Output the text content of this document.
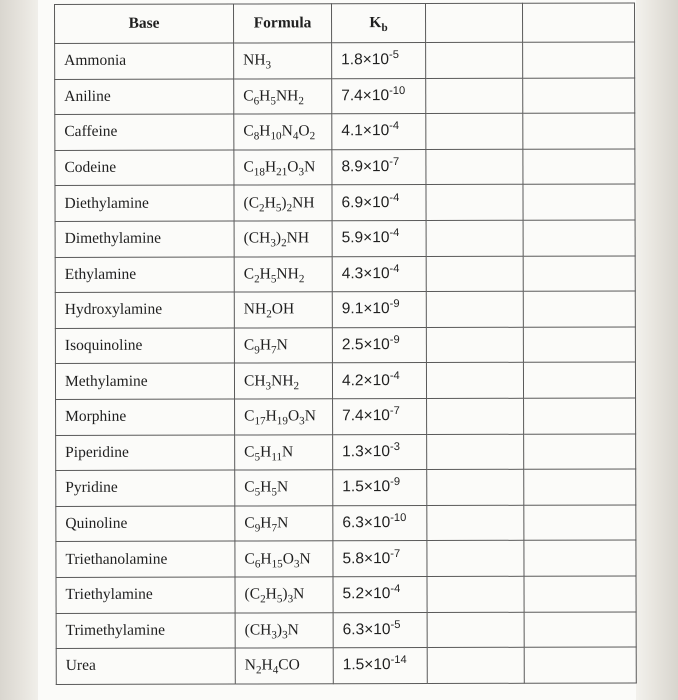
Base	Formula	$K_b$		
Ammonia	$NH_3$	$1.8\times 10^{-5}$		
Aniline	$C_6H_5NH_2$	$7.4\times 10^{-10}$		
Caffeine	$C_8H_{10}N_4O_2$	$4.1\times 10^{-4}$		
Codeine	$C_{18}H_{21}O_3N$	$8.9\times 10^{-7}$		
Diethylamine	$(C_2H_5)_2NH$	$6.9\times 10^{-4}$		
Dimethylamine	$(CH_3)_2NH$	$5.9\times 10^{-4}$		
Ethylamine	$C_2H_5NH_2$	$4.3\times 10^{-4}$		
Hydroxylamine	$NH_2OH$	$9.1\times 10^{-9}$		
Isoquinoline	$C_9H_7N$	$2.5\times 10^{-9}$		
Methylamine	$CH_3NH_2$	$4.2\times 10^{-4}$		
Morphine	$C_{17}H_{19}O_3N$	$7.4\times 10^{-7}$		
Piperidine	$C_5H_{11}N$	$1.3\times 10^{-3}$		
Pyridine	$C_5H_5N$	$1.5\times 10^{-9}$		
Quinoline	$C_9H_7N$	$6.3\times 10^{-10}$		
Triethanolamine	$C_6H_{15}O_3N$	$5.8\times 10^{-7}$		
Triethylamine	$(C_2H_5)_3N$	$5.2\times 10^{-4}$		
Trimethylamine	$(CH_3)_3N$	$6.3\times 10^{-5}$		
Urea	$N_2H_4CO$	$1.5\times 10^{-14}$		
